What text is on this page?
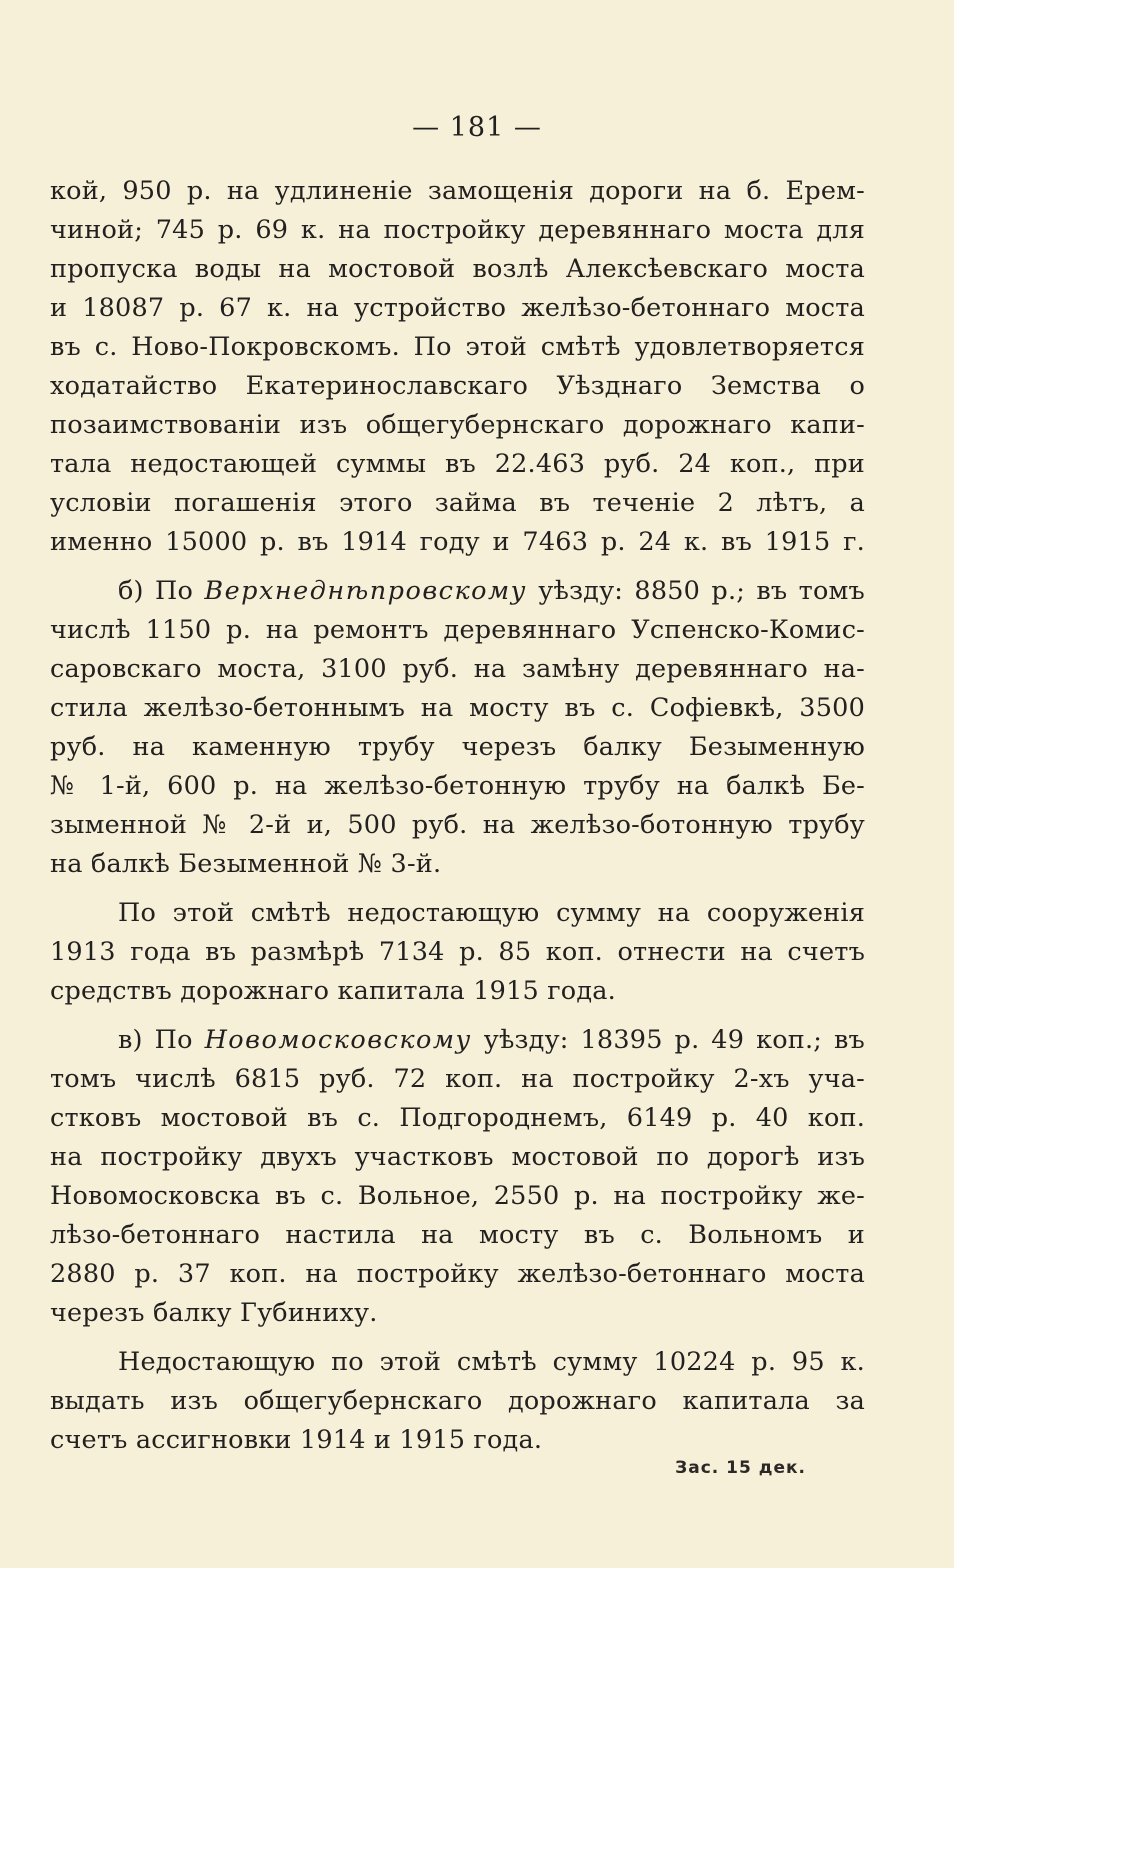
— 181 —
кой, 950 р. на удлиненіе замощенія дороги на б. Ерем-
чиной; 745 р. 69 к. на постройку деревяннаго моста для
пропуска воды на мостовой возлѣ Алексѣевскаго моста
и 18087 р. 67 к. на устройство желѣзо-бетоннаго моста
въ с. Ново-Покровскомъ. По этой смѣтѣ удовлетворяется
ходатайство Екатеринославскаго Уѣзднаго Земства о
позаимствованіи изъ общегубернскаго дорожнаго капи-
тала недостающей суммы въ 22.463 руб. 24 коп., при
условіи погашенія этого займа въ теченіе 2 лѣтъ, а
именно 15000 р. въ 1914 году и 7463 р. 24 к. въ 1915 г.
б) По Верхнеднѣпровскому уѣзду: 8850 р.; въ томъ
числѣ 1150 р. на ремонтъ деревяннаго Успенско-Комис-
саровскаго моста, 3100 руб. на замѣну деревяннаго на-
стила желѣзо-бетоннымъ на мосту въ с. Софіевкѣ, 3500
руб. на каменную трубу черезъ балку Безыменную
№ 1-й, 600 р. на желѣзо-бетонную трубу на балкѣ Бе-
зыменной № 2-й и, 500 руб. на желѣзо-ботонную трубу
на балкѣ Безыменной № 3-й.
По этой смѣтѣ недостающую сумму на сооруженія
1913 года въ размѣрѣ 7134 р. 85 коп. отнести на счетъ
средствъ дорожнаго капитала 1915 года.
в) По Новомосковскому уѣзду: 18395 р. 49 коп.; въ
томъ числѣ 6815 руб. 72 коп. на постройку 2-хъ уча-
стковъ мостовой въ с. Подгороднемъ, 6149 р. 40 коп.
на постройку двухъ участковъ мостовой по дорогѣ изъ
Новомосковска въ с. Вольное, 2550 р. на постройку же-
лѣзо-бетоннаго настила на мосту въ с. Вольномъ и
2880 р. 37 коп. на постройку желѣзо-бетоннаго моста
черезъ балку Губиниху.
Недостающую по этой смѣтѣ сумму 10224 р. 95 к.
выдать изъ общегубернскаго дорожнаго капитала за
счетъ ассигновки 1914 и 1915 года.
Зас. 15 дек.
